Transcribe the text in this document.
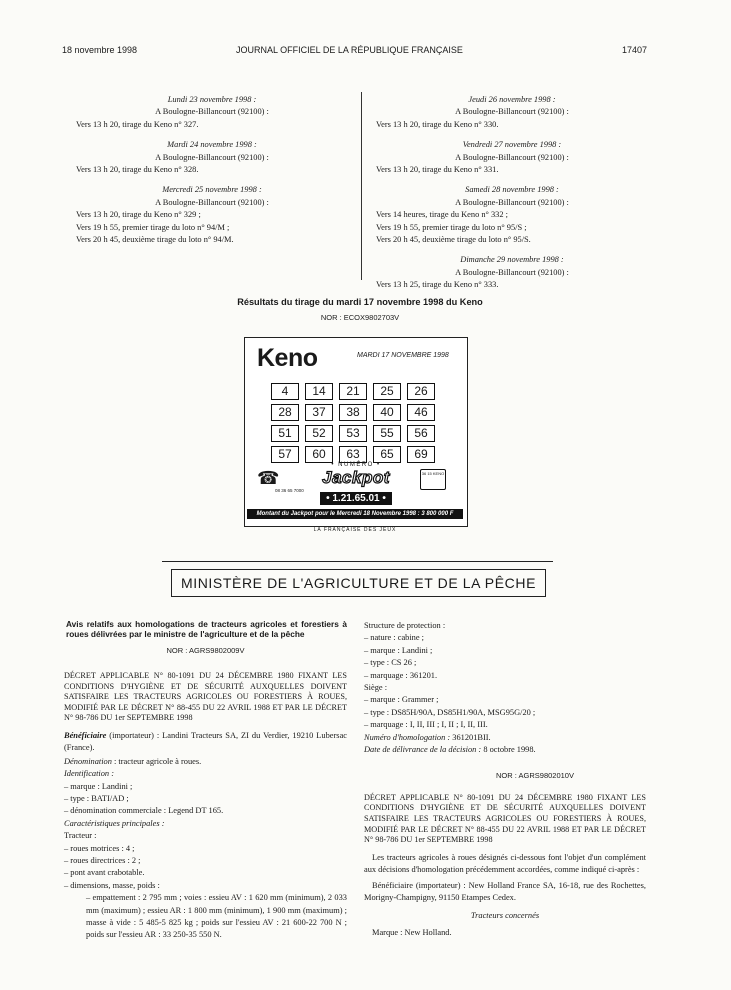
18 novembre 1998	JOURNAL OFFICIEL DE LA RÉPUBLIQUE FRANÇAISE	17407
Lundi 23 novembre 1998 :
A Boulogne-Billancourt (92100) :
Vers 13 h 20, tirage du Keno n° 327.
Mardi 24 novembre 1998 :
A Boulogne-Billancourt (92100) :
Vers 13 h 20, tirage du Keno n° 328.
Mercredi 25 novembre 1998 :
A Boulogne-Billancourt (92100) :
Vers 13 h 20, tirage du Keno n° 329 ;
Vers 19 h 55, premier tirage du loto n° 94/M ;
Vers 20 h 45, deuxième tirage du loto n° 94/M.
Jeudi 26 novembre 1998 :
A Boulogne-Billancourt (92100) :
Vers 13 h 20, tirage du Keno n° 330.
Vendredi 27 novembre 1998 :
A Boulogne-Billancourt (92100) :
Vers 13 h 20, tirage du Keno n° 331.
Samedi 28 novembre 1998 :
A Boulogne-Billancourt (92100) :
Vers 14 heures, tirage du Keno n° 332 ;
Vers 19 h 55, premier tirage du loto n° 95/S ;
Vers 20 h 45, deuxième tirage du loto n° 95/S.
Dimanche 29 novembre 1998 :
A Boulogne-Billancourt (92100) :
Vers 13 h 25, tirage du Keno n° 333.
Résultats du tirage du mardi 17 novembre 1998 du Keno
NOR : ECOX9802703V
Keno	MARDI 17 NOVEMBRE 1998
4	14	21	25	26
28	37	38	40	46
51	52	53	55	56
57	60	63	65	69
☎
08 36 65 7000
• NUMÉRO •
Jackpot
• 1.21.65.01 •
36 15 KENO
Montant du Jackpot pour le Mercredi 18 Novembre 1998 : 3 800 000 F
LA FRANÇAISE DES JEUX
MINISTÈRE DE L'AGRICULTURE ET DE LA PÊCHE
Avis relatifs aux homologations de tracteurs agricoles et forestiers à roues délivrées par le ministre de l'agriculture et de la pêche
NOR : AGRS9802009V
DÉCRET APPLICABLE N° 80-1091 DU 24 DÉCEMBRE 1980 FIXANT LES CONDITIONS D'HYGIÈNE ET DE SÉCURITÉ AUXQUELLES DOIVENT SATISFAIRE LES TRACTEURS AGRICOLES OU FORESTIERS À ROUES, MODIFIÉ PAR LE DÉCRET N° 88-455 DU 22 AVRIL 1988 ET PAR LE DÉCRET N° 98-786 DU 1er SEPTEMBRE 1998
Bénéficiaire (importateur) : Landini Tracteurs SA, ZI du Verdier, 19210 Lubersac (France).
Dénomination : tracteur agricole à roues.
Identification :
– marque : Landini ;
– type : BATI/AD ;
– dénomination commerciale : Legend DT 165.
Caractéristiques principales :
Tracteur :
– roues motrices : 4 ;
– roues directrices : 2 ;
– pont avant crabotable.
– dimensions, masse, poids :
– empattement : 2 795 mm ; voies : essieu AV : 1 620 mm (minimum), 2 033 mm (maximum) ; essieu AR : 1 800 mm (minimum), 1 900 mm (maximum) ; masse à vide : 5 485-5 825 kg ; poids sur l'essieu AV : 21 600-22 700 N ; poids sur l'essieu AR : 33 250-35 550 N.
Structure de protection :
– nature : cabine ;
– marque : Landini ;
– type : CS 26 ;
– marquage : 361201.
Siège :
– marque : Grammer ;
– type : DS85H/90A, DS85H1/90A, MSG95G/20 ;
– marquage : I, II, III ; I, II ; I, II, III.
Numéro d'homologation : 361201BII.
Date de délivrance de la décision : 8 octobre 1998.
NOR : AGRS9802010V
DÉCRET APPLICABLE N° 80-1091 DU 24 DÉCEMBRE 1980 FIXANT LES CONDITIONS D'HYGIÈNE ET DE SÉCURITÉ AUXQUELLES DOIVENT SATISFAIRE LES TRACTEURS AGRICOLES OU FORESTIERS À ROUES, MODIFIÉ PAR LE DÉCRET N° 88-455 DU 22 AVRIL 1988 ET PAR LE DÉCRET N° 98-786 DU 1er SEPTEMBRE 1998
Les tracteurs agricoles à roues désignés ci-dessous font l'objet d'un complément aux décisions d'homologation précédemment accordées, comme indiqué ci-après :
Bénéficiaire (importateur) : New Holland France SA, 16-18, rue des Rochettes, Morigny-Champigny, 91150 Etampes Cedex.
Tracteurs concernés
Marque : New Holland.
